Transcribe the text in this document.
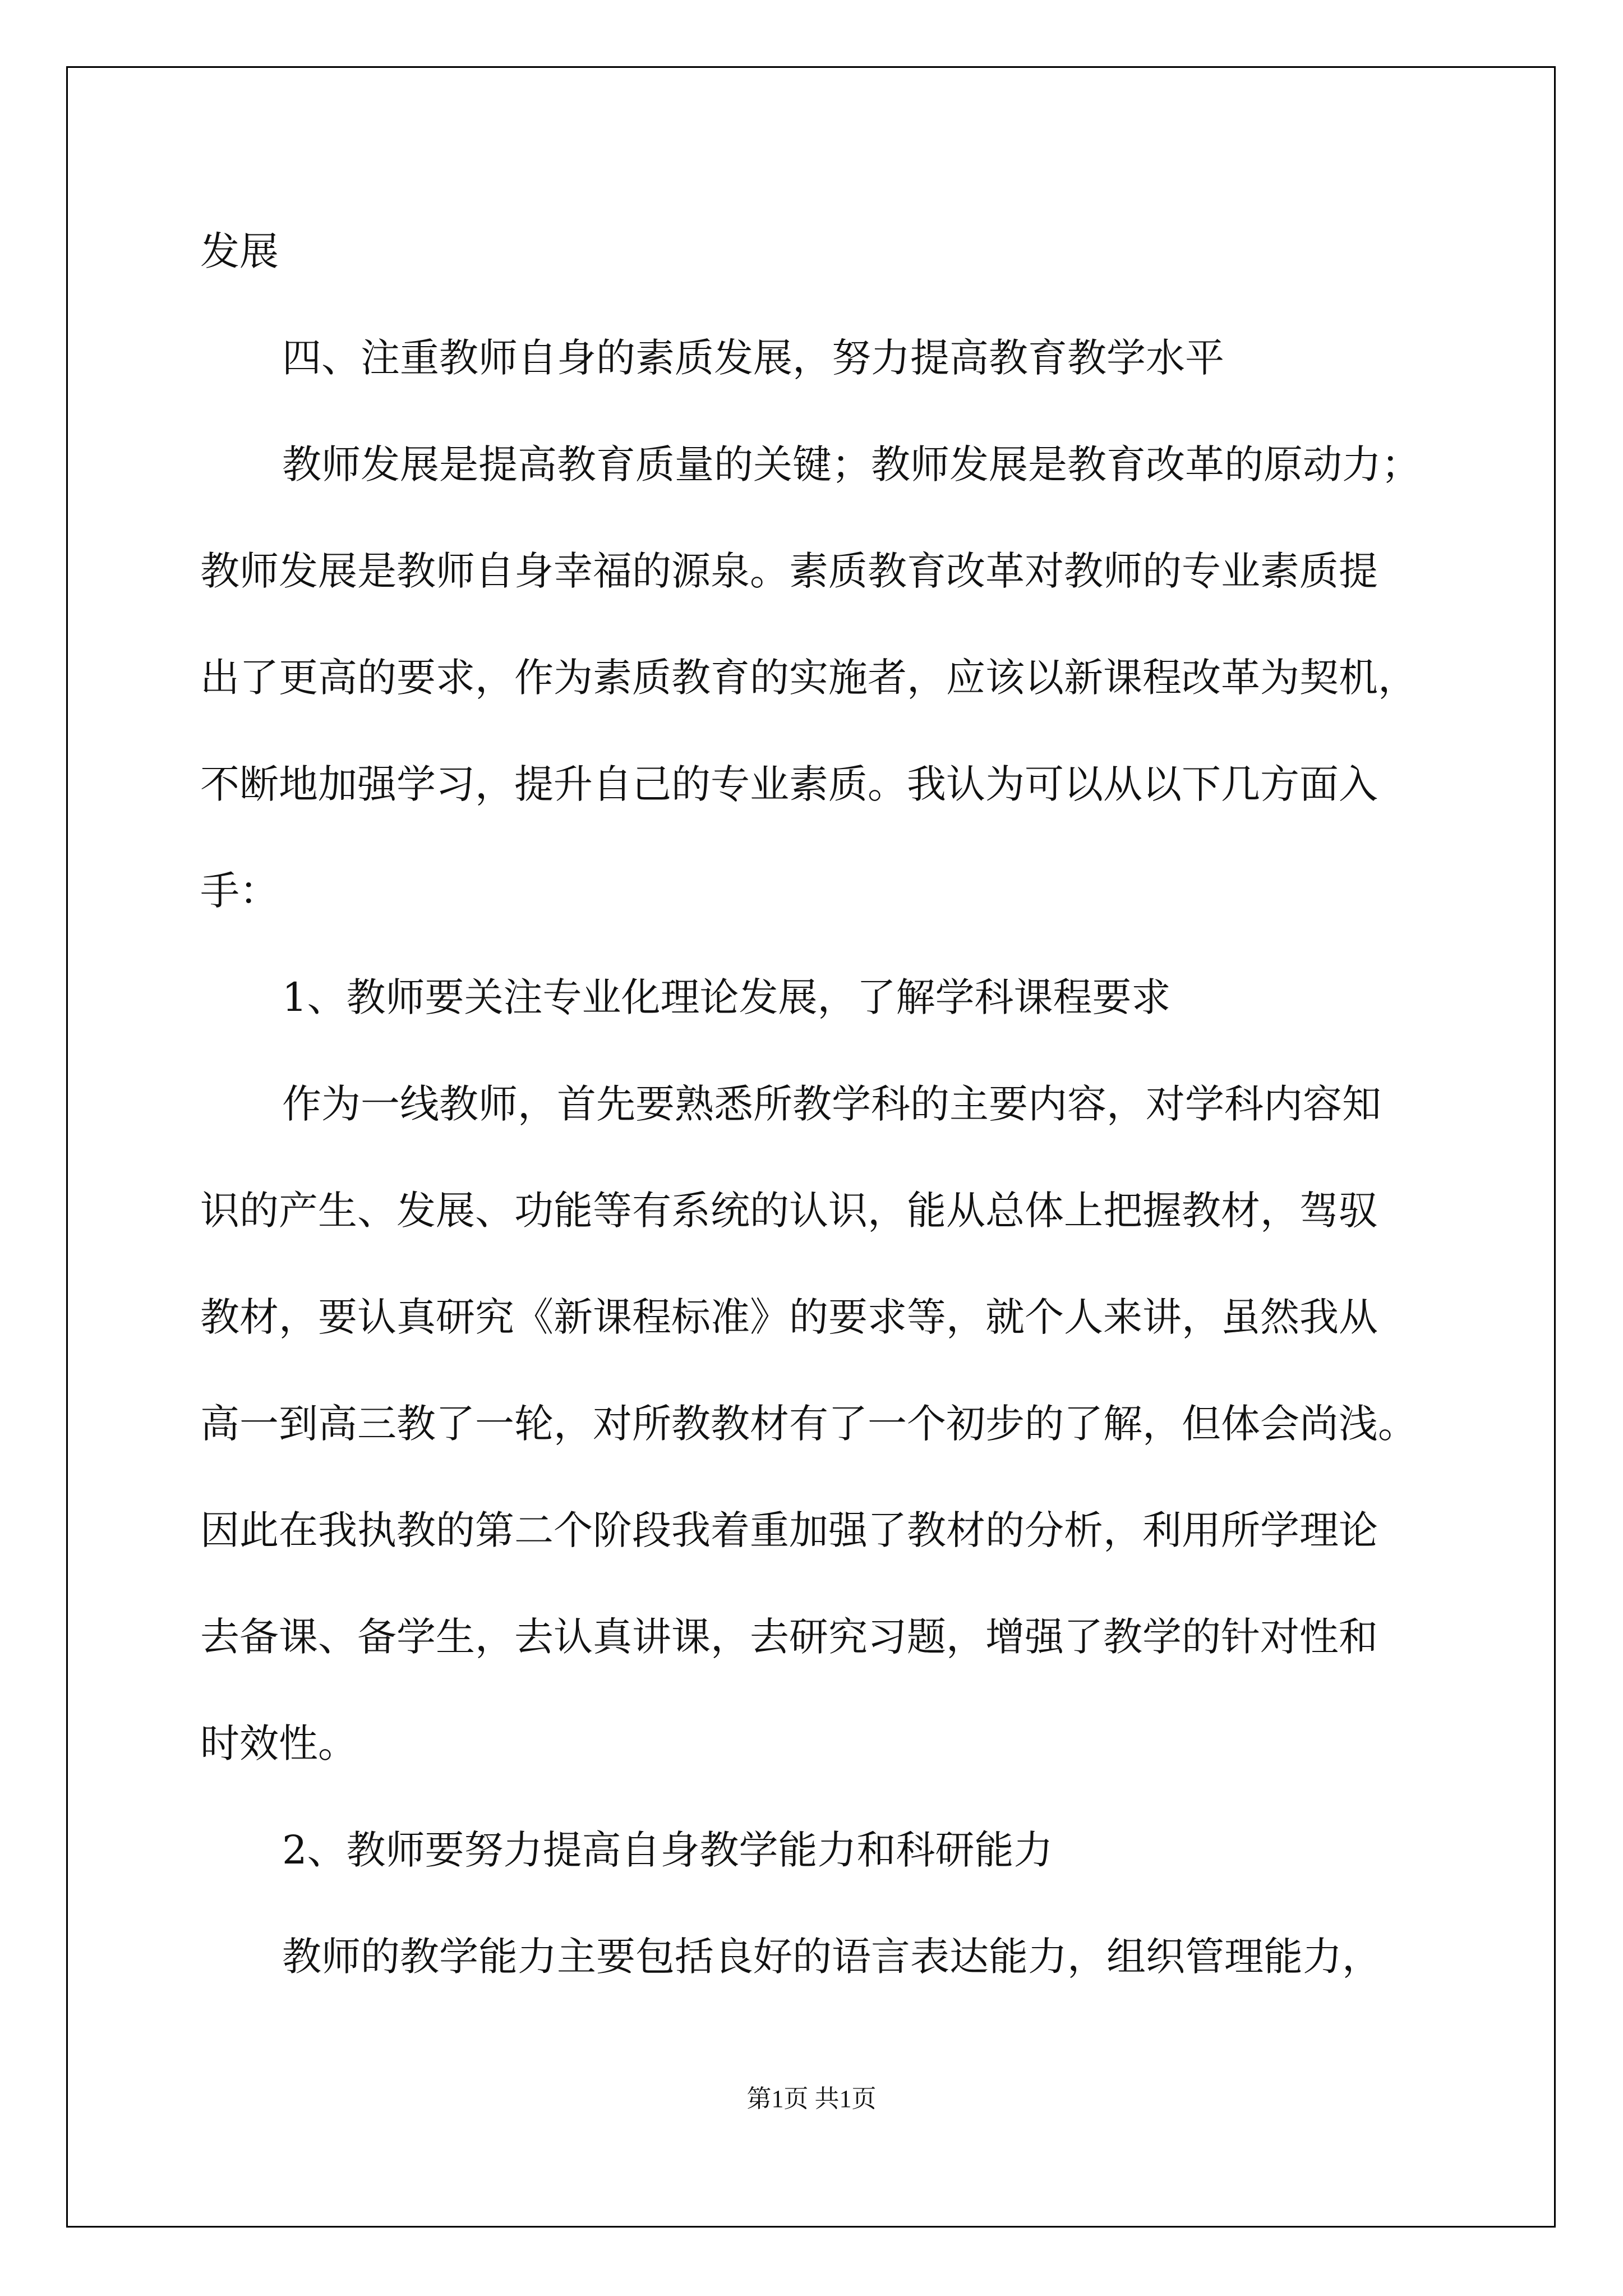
发展

四、注重教师自身的素质发展，努力提高教育教学水平

教师发展是提高教育质量的关键；教师发展是教育改革的原动力；

教师发展是教师自身幸福的源泉。素质教育改革对教师的专业素质提

出了更高的要求，作为素质教育的实施者，应该以新课程改革为契机，

不断地加强学习，提升自己的专业素质。我认为可以从以下几方面入

手：

1、教师要关注专业化理论发展，了解学科课程要求

作为一线教师，首先要熟悉所教学科的主要内容，对学科内容知

识的产生、发展、功能等有系统的认识，能从总体上把握教材，驾驭

教材，要认真研究《新课程标准》的要求等，就个人来讲，虽然我从

高一到高三教了一轮，对所教教材有了一个初步的了解，但体会尚浅。

因此在我执教的第二个阶段我着重加强了教材的分析，利用所学理论

去备课、备学生，去认真讲课，去研究习题，增强了教学的针对性和

时效性。

2、教师要努力提高自身教学能力和科研能力

教师的教学能力主要包括良好的语言表达能力，组织管理能力，

第1页 共1页
